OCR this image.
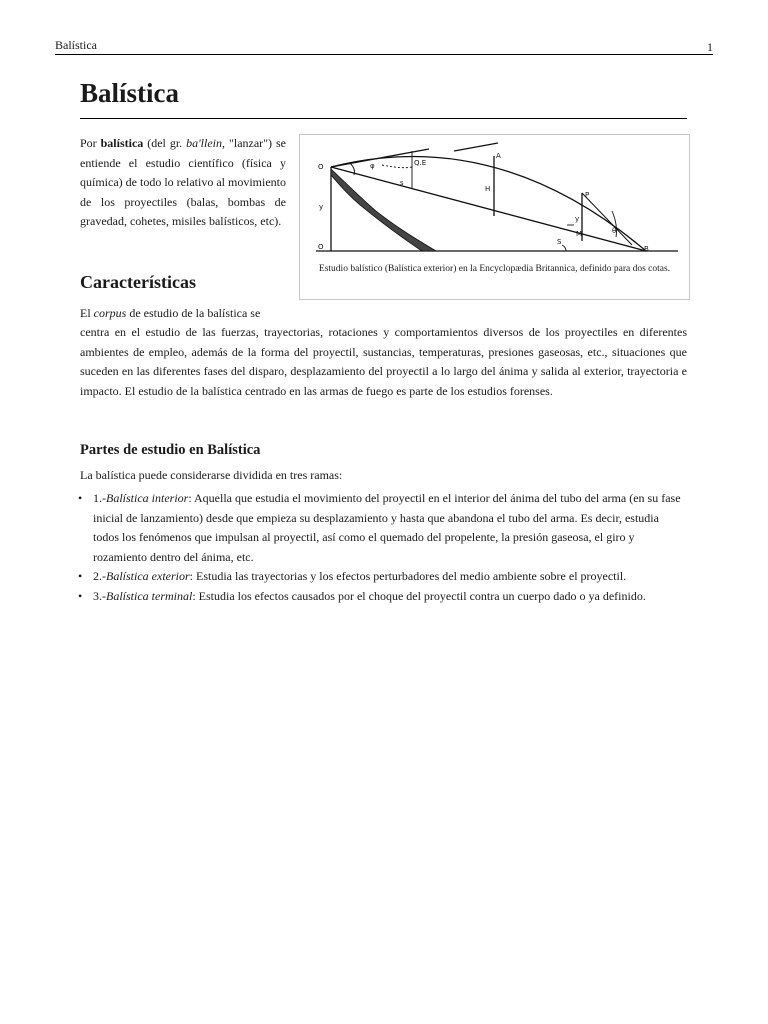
Balística	1
Balística

Por balística (del gr. ba'llein, "lanzar") se entiende el estudio científico (física y química) de todo lo relativo al movimiento de los proyectiles (balas, bombas de gravedad, cohetes, misiles balísticos, etc).

Características

El corpus de estudio de la balística se

centra en el estudio de las fuerzas, trayectorias, rotaciones y comportamientos diversos de los proyectiles en diferentes ambientes de empleo, además de la forma del proyectil, sustancias, temperaturas, presiones gaseosas, etc., situaciones que suceden en las diferentes fases del disparo, desplazamiento del proyectil a lo largo del ánima y salida al exterior, trayectoria e impacto. El estudio de la balística centrado en las armas de fuego es parte de los estudios forenses.

Partes de estudio en Balística

La balística puede considerarse dividida en tres ramas:

• 1.-Balística interior: Aquella que estudia el movimiento del proyectil en el interior del ánima del tubo del arma (en su fase inicial de lanzamiento) desde que empieza su desplazamiento y hasta que abandona el tubo del arma. Es decir, estudia todos los fenómenos que impulsan al proyectil, así como el quemado del propelente, la presión gaseosa, el giro y rozamiento dentro del ánima, etc.
• 2.-Balística exterior: Estudia las trayectorias y los efectos perturbadores del medio ambiente sobre el proyectil.
• 3.-Balística terminal: Estudia los efectos causados por el choque del proyectil contra un cuerpo dado o ya definido.
O	Q.E
φ
s
A
H
P
y
θ
y
O
S
M
B
Estudio balístico (Balística exterior) en la Encyclopædia Britannica, definido para dos cotas.
